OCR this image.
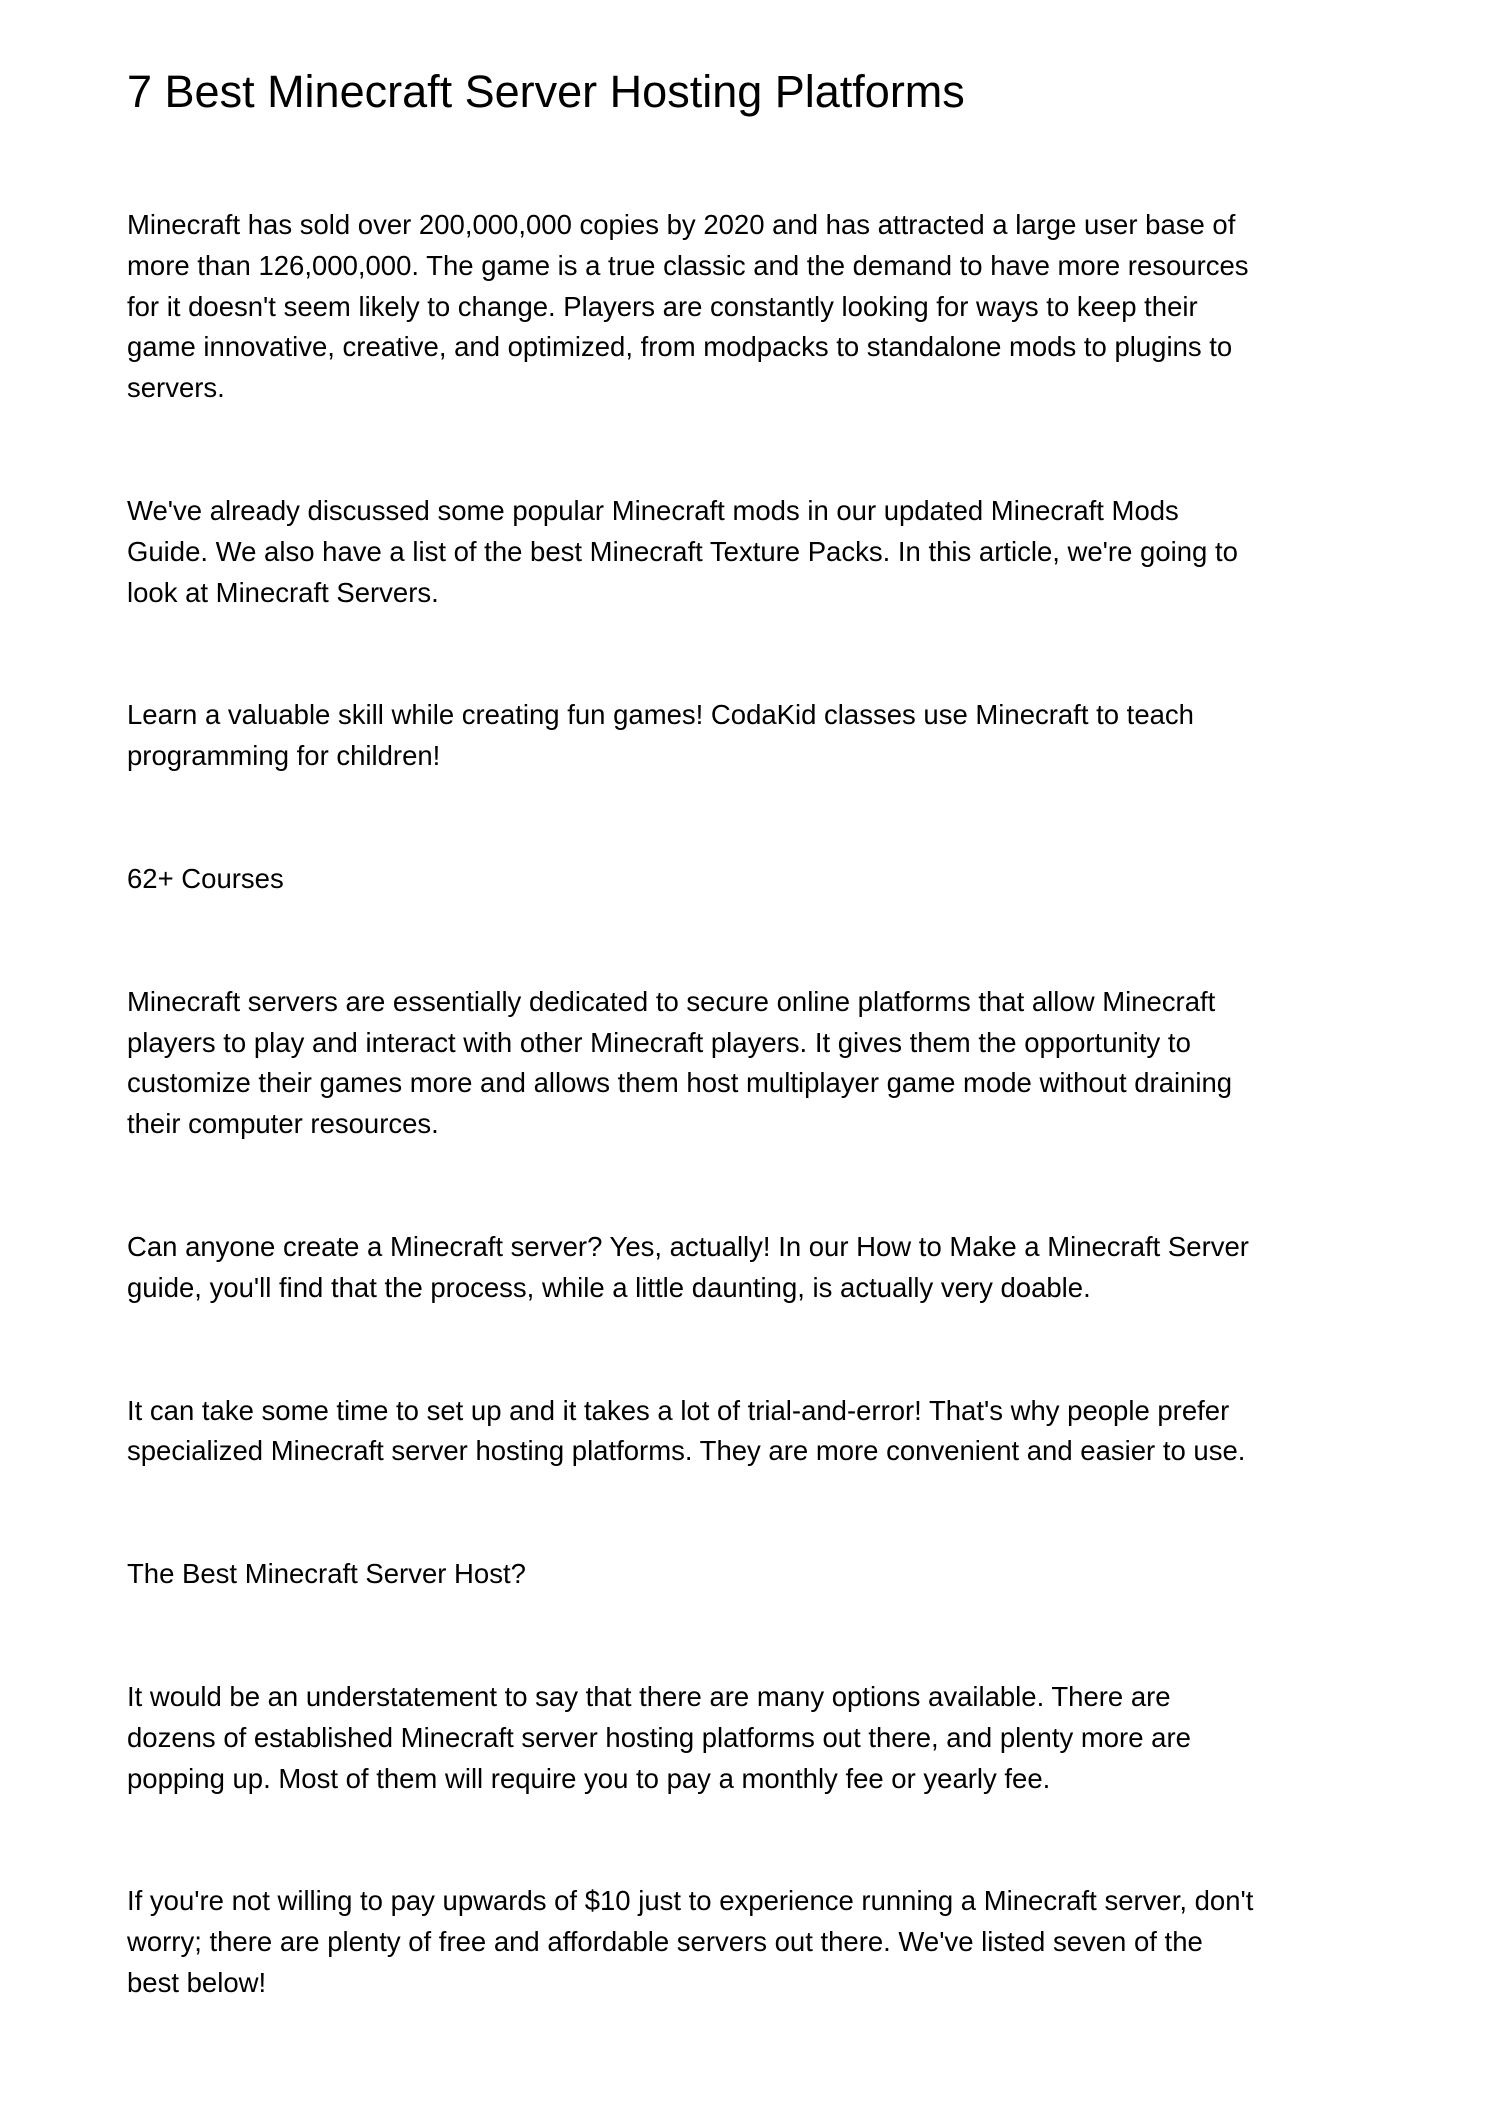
7 Best Minecraft Server Hosting Platforms
Minecraft has sold over 200,000,000 copies by 2020 and has attracted a large user base of
more than 126,000,000. The game is a true classic and the demand to have more resources
for it doesn't seem likely to change. Players are constantly looking for ways to keep their
game innovative, creative, and optimized, from modpacks to standalone mods to plugins to
servers.
We've already discussed some popular Minecraft mods in our updated Minecraft Mods
Guide. We also have a list of the best Minecraft Texture Packs. In this article, we're going to
look at Minecraft Servers.
Learn a valuable skill while creating fun games! CodaKid classes use Minecraft to teach
programming for children!
62+ Courses
Minecraft servers are essentially dedicated to secure online platforms that allow Minecraft
players to play and interact with other Minecraft players. It gives them the opportunity to
customize their games more and allows them host multiplayer game mode without draining
their computer resources.
Can anyone create a Minecraft server? Yes, actually! In our How to Make a Minecraft Server
guide, you'll find that the process, while a little daunting, is actually very doable.
It can take some time to set up and it takes a lot of trial-and-error! That's why people prefer
specialized Minecraft server hosting platforms. They are more convenient and easier to use.
The Best Minecraft Server Host?
It would be an understatement to say that there are many options available. There are
dozens of established Minecraft server hosting platforms out there, and plenty more are
popping up. Most of them will require you to pay a monthly fee or yearly fee.
If you're not willing to pay upwards of $10 just to experience running a Minecraft server, don't
worry; there are plenty of free and affordable servers out there. We've listed seven of the
best below!
